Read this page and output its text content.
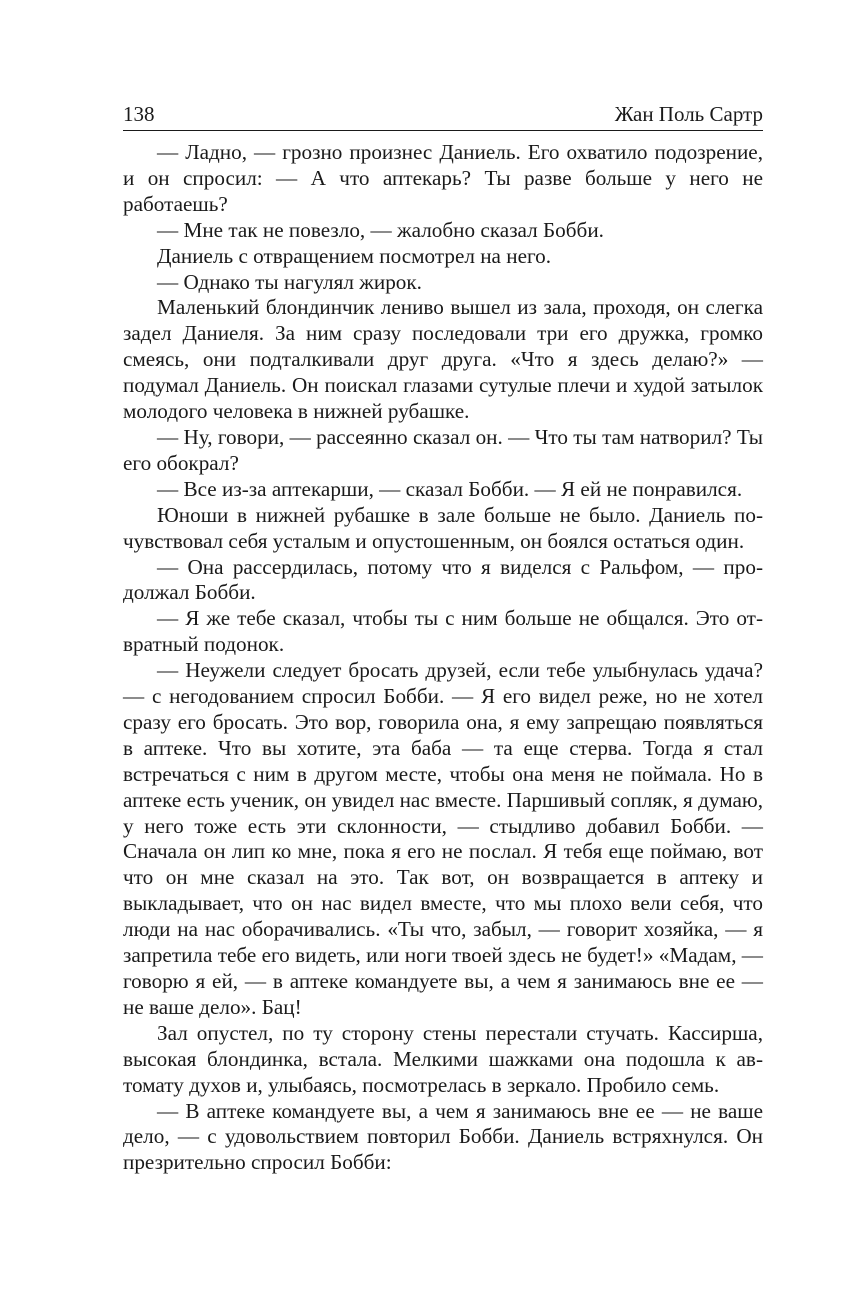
138	Жан Поль Сартр

— Ладно, — грозно произнес Даниель. Его охватило подозрение, и он спросил: — А что аптекарь? Ты разве больше у него не работаешь?

— Мне так не повезло, — жалобно сказал Бобби.

Даниель с отвращением посмотрел на него.

— Однако ты нагулял жирок.

Маленький блондинчик лениво вышел из зала, проходя, он слегка задел Даниеля. За ним сразу последовали три его дружка, громко смеясь, они подталкивали друг друга. «Что я здесь делаю?» — подумал Даниель. Он поискал глазами сутулые плечи и худой затылок молодого человека в нижней рубашке.

— Ну, говори, — рассеянно сказал он. — Что ты там натворил? Ты его обокрал?

— Все из-за аптекарши, — сказал Бобби. — Я ей не понравился.

Юноши в нижней рубашке в зале больше не было. Даниель почувствовал себя усталым и опустошенным, он боялся остаться один.

— Она рассердилась, потому что я виделся с Ральфом, — продолжал Бобби.

— Я же тебе сказал, чтобы ты с ним больше не общался. Это отвратный подонок.

— Неужели следует бросать друзей, если тебе улыбнулась удача? — с негодованием спросил Бобби. — Я его видел реже, но не хотел сразу его бросать. Это вор, говорила она, я ему запрещаю появляться в аптеке. Что вы хотите, эта баба — та еще стерва. Тогда я стал встречаться с ним в другом месте, чтобы она меня не поймала. Но в аптеке есть ученик, он увидел нас вместе. Паршивый сопляк, я думаю, у него тоже есть эти склонности, — стыдливо добавил Бобби. — Сначала он лип ко мне, пока я его не послал. Я тебя еще поймаю, вот что он мне сказал на это. Так вот, он возвращается в аптеку и выкладывает, что он нас видел вместе, что мы плохо вели себя, что люди на нас оборачивались. «Ты что, забыл, — говорит хозяйка, — я запретила тебе его видеть, или ноги твоей здесь не будет!» «Мадам, — говорю я ей, — в аптеке командуете вы, а чем я занимаюсь вне ее — не ваше дело». Бац!

Зал опустел, по ту сторону стены перестали стучать. Кассирша, высокая блондинка, встала. Мелкими шажками она подошла к автомату духов и, улыбаясь, посмотрелась в зеркало. Пробило семь.

— В аптеке командуете вы, а чем я занимаюсь вне ее — не ваше дело, — с удовольствием повторил Бобби. Даниель встряхнулся. Он презрительно спросил Бобби:
